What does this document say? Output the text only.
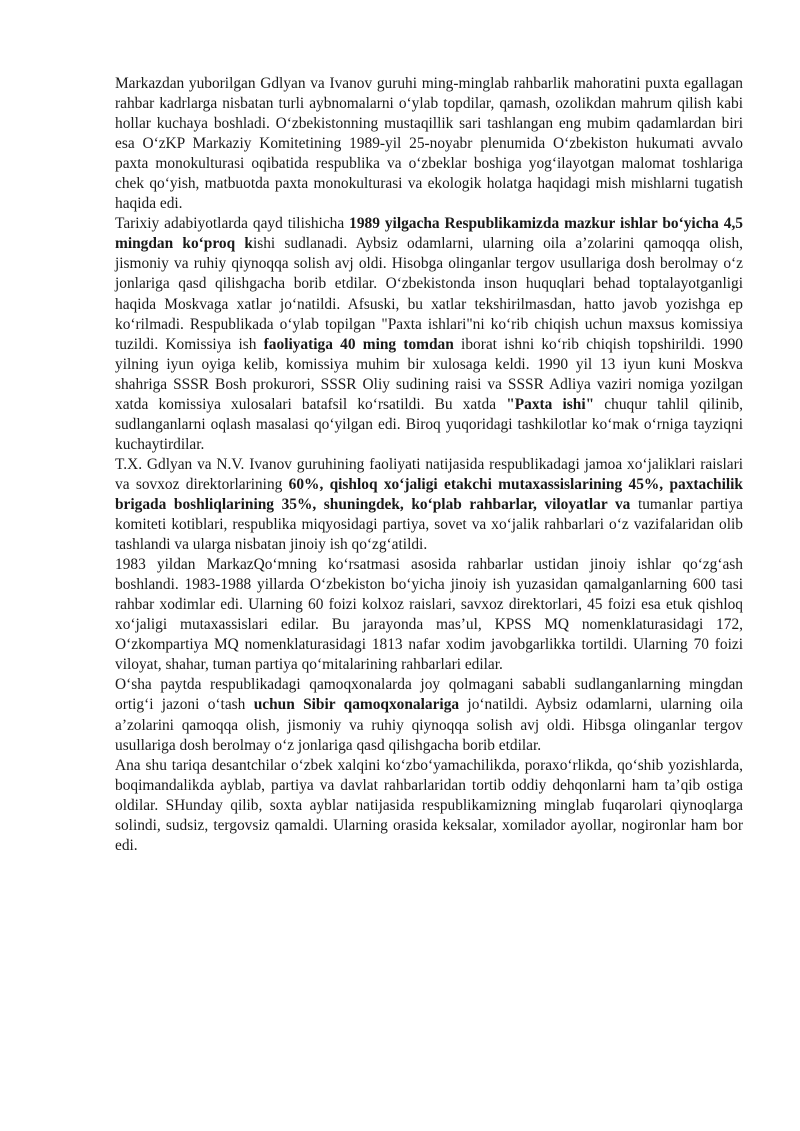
Markazdan yuborilgan Gdlyan va Ivanov guruhi ming-minglab rahbarlik mahoratini puxta egallagan rahbar kadrlarga nisbatan turli aybnomalarni o‘ylab topdilar, qamash, ozolikdan mahrum qilish kabi hollar kuchaya boshladi. O‘zbekistonning mustaqillik sari tashlangan eng mubim qadamlardan biri esa O‘zKP Markaziy Komitetining 1989-yil 25-noyabr plenumida O‘zbekiston hukumati avvalo paxta monokulturasi oqibatida respublika va o‘zbeklar boshiga yog‘ilayotgan malomat toshlariga chek qo‘yish, matbuotda paxta monokulturasi va ekologik holatga haqidagi mish mishlarni tugatish haqida edi.

Tarixiy adabiyotlarda qayd tilishicha 1989 yilgacha Respublikamizda mazkur ishlar bo‘yicha 4,5 mingdan ko‘proq kishi sudlanadi. Aybsiz odamlarni, ularning oila a’zolarini qamoqqa olish, jismoniy va ruhiy qiynoqqa solish avj oldi. Hisobga olinganlar tergov usullariga dosh berolmay o‘z jonlariga qasd qilishgacha borib etdilar. O‘zbekistonda inson huquqlari behad toptalayotganligi haqida Moskvaga xatlar jo‘natildi. Afsuski, bu xatlar tekshirilmasdan, hatto javob yozishga ep ko‘rilmadi. Respublikada o‘ylab topilgan "Paxta ishlari"ni ko‘rib chiqish uchun maxsus komissiya tuzildi. Komissiya ish faoliyatiga 40 ming tomdan iborat ishni ko‘rib chiqish topshirildi. 1990 yilning iyun oyiga kelib, komissiya muhim bir xulosaga keldi. 1990 yil 13 iyun kuni Moskva shahriga SSSR Bosh prokurori, SSSR Oliy sudining raisi va SSSR Adliya vaziri nomiga yozilgan xatda komissiya xulosalari batafsil ko‘rsatildi. Bu xatda "Paxta ishi" chuqur tahlil qilinib, sudlanganlarni oqlash masalasi qo‘yilgan edi. Biroq yuqoridagi tashkilotlar ko‘mak o‘rniga tayziqni kuchaytirdilar.

T.X. Gdlyan va N.V. Ivanov guruhining faoliyati natijasida respublikadagi jamoa xo‘jaliklari raislari va sovxoz direktorlarining 60%, qishloq xo‘jaligi etakchi mutaxassislarining 45%, paxtachilik brigada boshliqlarining 35%, shuningdek, ko‘plab rahbarlar, viloyatlar va tumanlar partiya komiteti kotiblari, respublika miqyosidagi partiya, sovet va xo‘jalik rahbarlari o‘z vazifalaridan olib tashlandi va ularga nisbatan jinoiy ish qo‘zg‘atildi.

1983 yildan MarkazQo‘mning ko‘rsatmasi asosida rahbarlar ustidan jinoiy ishlar qo‘zg‘ash boshlandi. 1983-1988 yillarda O‘zbekiston bo‘yicha jinoiy ish yuzasidan qamalganlarning 600 tasi rahbar xodimlar edi. Ularning 60 foizi kolxoz raislari, savxoz direktorlari, 45 foizi esa etuk qishloq xo‘jaligi mutaxassislari edilar. Bu jarayonda mas’ul, KPSS MQ nomenklaturasidagi 172, O‘zkompartiya MQ nomenklaturasidagi 1813 nafar xodim javobgarlikka tortildi. Ularning 70 foizi viloyat, shahar, tuman partiya qo‘mitalarining rahbarlari edilar.

O‘sha paytda respublikadagi qamoqxonalarda joy qolmagani sababli sudlanganlarning mingdan ortig‘i jazoni o‘tash uchun Sibir qamoqxonalariga jo‘natildi. Aybsiz odamlarni, ularning oila a’zolarini qamoqqa olish, jismoniy va ruhiy qiynoqqa solish avj oldi. Hibsga olinganlar tergov usullariga dosh berolmay o‘z jonlariga qasd qilishgacha borib etdilar.

Ana shu tariqa desantchilar o‘zbek xalqini ko‘zbo‘yamachilikda, poraxo‘rlikda, qo‘shib yozishlarda, boqimandalikda ayblab, partiya va davlat rahbarlaridan tortib oddiy dehqonlarni ham ta’qib ostiga oldilar. SHunday qilib, soxta ayblar natijasida respublikamizning minglab fuqarolari qiynoqlarga solindi, sudsiz, tergovsiz qamaldi. Ularning orasida keksalar, xomilador ayollar, nogironlar ham bor edi.
